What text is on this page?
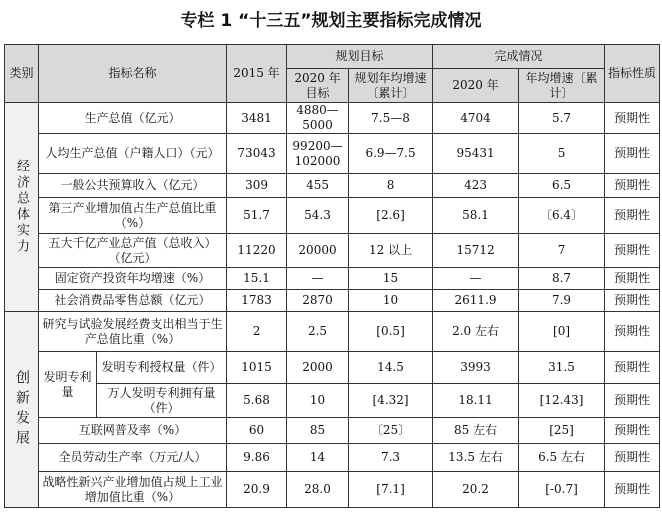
专栏 1 “十三五”规划主要指标完成情况
类别	指标名称		2015 年	规划目标		完成情况		指标性质
				2020 年目标	规划年均增速〔累计〕	2020 年	年均增速〔累计〕	

经济总体实力	生产总值（亿元）		3481	4880—5000	7.5—8	4704	5.7	预期性
	人均生产总值（户籍人口）（元）		73043	99200—102000	6.9—7.5	95431	5	预期性
	一般公共预算收入（亿元）		309	455	8	423	6.5	预期性
	第三产业增加值占生产总值比重（%）		51.7	54.3	[2.6]	58.1	〔6.4〕	预期性
	五大千亿产业总产值（总收入）（亿元）		11220	20000	12 以上	15712	7	预期性
	固定资产投资年均增速（%）		15.1	—	15	—	8.7	预期性
	社会消费品零售总额（亿元）		1783	2870	10	2611.9	7.9	预期性

创新发展	研究与试验发展经费支出相当于生产总值比重（%）		2	2.5	[0.5]	2.0 左右	[0]	预期性
	发明专利量	发明专利授权量（件）	1015	2000	14.5	3993	31.5	预期性
		万人发明专利拥有量（件）	5.68	10	[4.32]	18.11	[12.43]	预期性
	互联网普及率（%）		60	85	〔25〕	85 左右	[25]	预期性
	全员劳动生产率（万元/人）		9.86	14	7.3	13.5 左右	6.5 左右	预期性
	战略性新兴产业增加值占规上工业增加值比重（%）		20.9	28.0	[7.1]	20.2	[-0.7]	预期性
